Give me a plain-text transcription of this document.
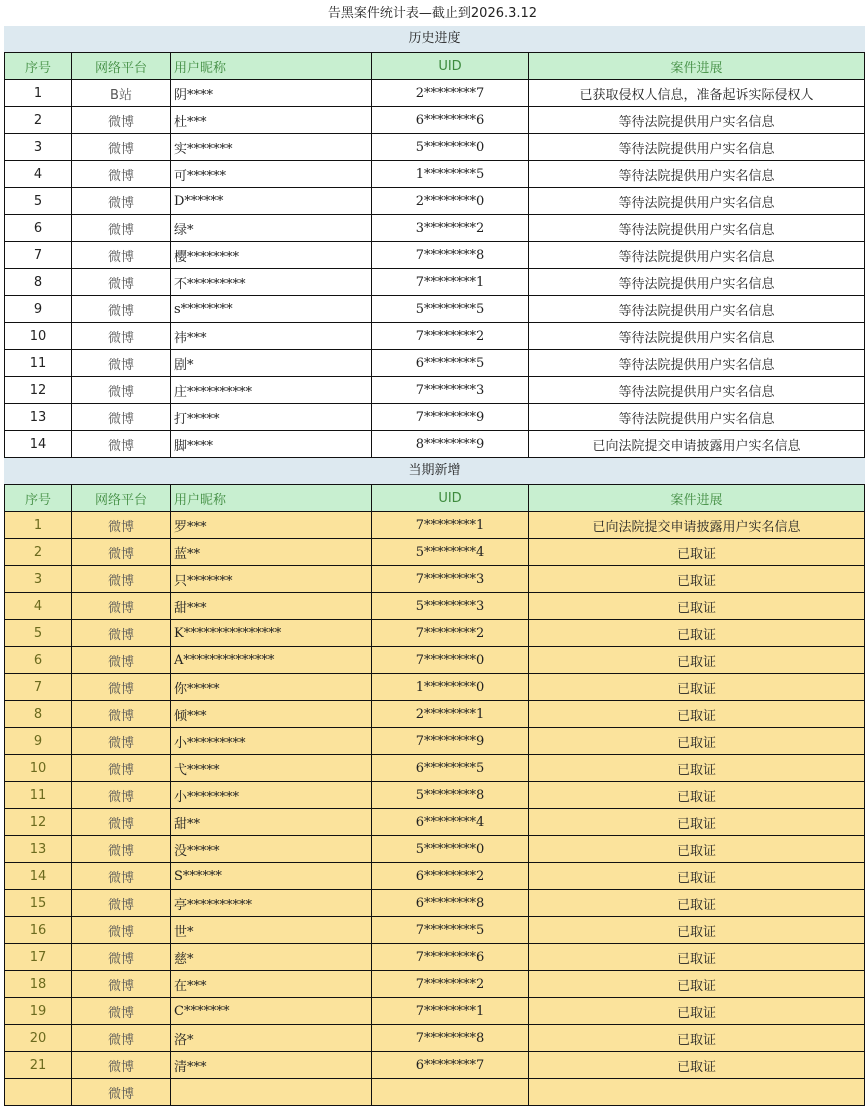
告黑案件统计表—截止到2026.3.12
历史进度
序号	网络平台	用户昵称	UID	案件进展
1	B站	阴****	2********7	已获取侵权人信息，准备起诉实际侵权人
2	微博	杜***	6********6	等待法院提供用户实名信息
3	微博	实*******	5********0	等待法院提供用户实名信息
4	微博	可******	1********5	等待法院提供用户实名信息
5	微博	D******	2********0	等待法院提供用户实名信息
6	微博	绿*	3********2	等待法院提供用户实名信息
7	微博	樱********	7********8	等待法院提供用户实名信息
8	微博	不*********	7********1	等待法院提供用户实名信息
9	微博	s********	5********5	等待法院提供用户实名信息
10	微博	祎***	7********2	等待法院提供用户实名信息
11	微博	剧*	6********5	等待法院提供用户实名信息
12	微博	庄**********	7********3	等待法院提供用户实名信息
13	微博	打*****	7********9	等待法院提供用户实名信息
14	微博	脚****	8********9	已向法院提交申请披露用户实名信息
当期新增
序号	网络平台	用户昵称	UID	案件进展
1	微博	罗***	7********1	已向法院提交申请披露用户实名信息
2	微博	蓝**	5********4	已取证
3	微博	只*******	7********3	已取证
4	微博	甜***	5********3	已取证
5	微博	K***************	7********2	已取证
6	微博	A**************	7********0	已取证
7	微博	你*****	1********0	已取证
8	微博	倾***	2********1	已取证
9	微博	小*********	7********9	已取证
10	微博	弋*****	6********5	已取证
11	微博	小********	5********8	已取证
12	微博	甜**	6********4	已取证
13	微博	没*****	5********0	已取证
14	微博	S******	6********2	已取证
15	微博	亭**********	6********8	已取证
16	微博	世*	7********5	已取证
17	微博	慈*	7********6	已取证
18	微博	在***	7********2	已取证
19	微博	C*******	7********1	已取证
20	微博	洛*	7********8	已取证
21	微博	清***	6********7	已取证
	微博			
